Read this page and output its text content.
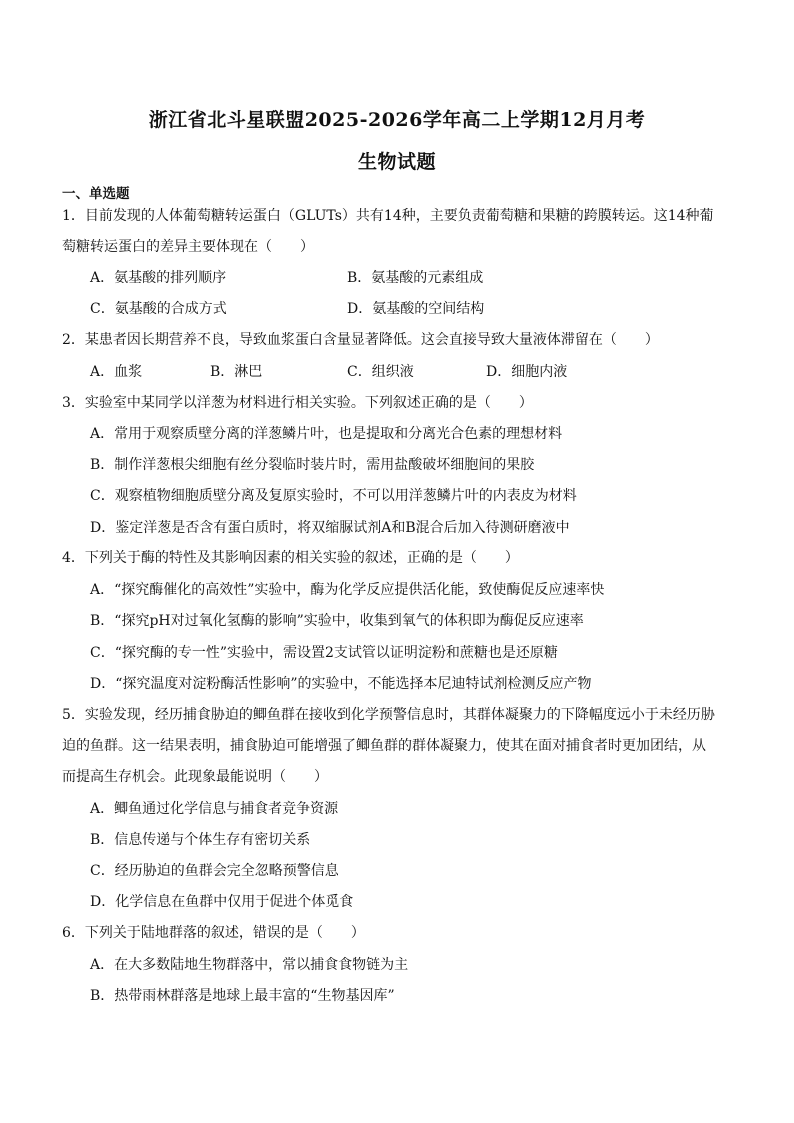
浙江省北斗星联盟2025-2026学年高二上学期12月月考
生物试题
一、单选题
1．目前发现的人体葡萄糖转运蛋白（GLUTs）共有14种，主要负责葡萄糖和果糖的跨膜转运。这14种葡
萄糖转运蛋白的差异主要体现在（　　）
A．氨基酸的排列顺序	B．氨基酸的元素组成
C．氨基酸的合成方式	D．氨基酸的空间结构
2．某患者因长期营养不良，导致血浆蛋白含量显著降低。这会直接导致大量液体滞留在（　　）
A．血浆	B．淋巴	C．组织液	D．细胞内液
3．实验室中某同学以洋葱为材料进行相关实验。下列叙述正确的是（　　）
A．常用于观察质壁分离的洋葱鳞片叶，也是提取和分离光合色素的理想材料
B．制作洋葱根尖细胞有丝分裂临时装片时，需用盐酸破坏细胞间的果胶
C．观察植物细胞质壁分离及复原实验时，不可以用洋葱鳞片叶的内表皮为材料
D．鉴定洋葱是否含有蛋白质时，将双缩脲试剂A和B混合后加入待测研磨液中
4．下列关于酶的特性及其影响因素的相关实验的叙述，正确的是（　　）
A．“探究酶催化的高效性”实验中，酶为化学反应提供活化能，致使酶促反应速率快
B．“探究pH对过氧化氢酶的影响”实验中，收集到氧气的体积即为酶促反应速率
C．“探究酶的专一性”实验中，需设置2支试管以证明淀粉和蔗糖也是还原糖
D．“探究温度对淀粉酶活性影响”的实验中，不能选择本尼迪特试剂检测反应产物
5．实验发现，经历捕食胁迫的鲫鱼群在接收到化学预警信息时，其群体凝聚力的下降幅度远小于未经历胁
迫的鱼群。这一结果表明，捕食胁迫可能增强了鲫鱼群的群体凝聚力，使其在面对捕食者时更加团结，从
而提高生存机会。此现象最能说明（　　）
A．鲫鱼通过化学信息与捕食者竞争资源
B．信息传递与个体生存有密切关系
C．经历胁迫的鱼群会完全忽略预警信息
D．化学信息在鱼群中仅用于促进个体觅食
6．下列关于陆地群落的叙述，错误的是（　　）
A．在大多数陆地生物群落中，常以捕食食物链为主
B．热带雨林群落是地球上最丰富的“生物基因库”
